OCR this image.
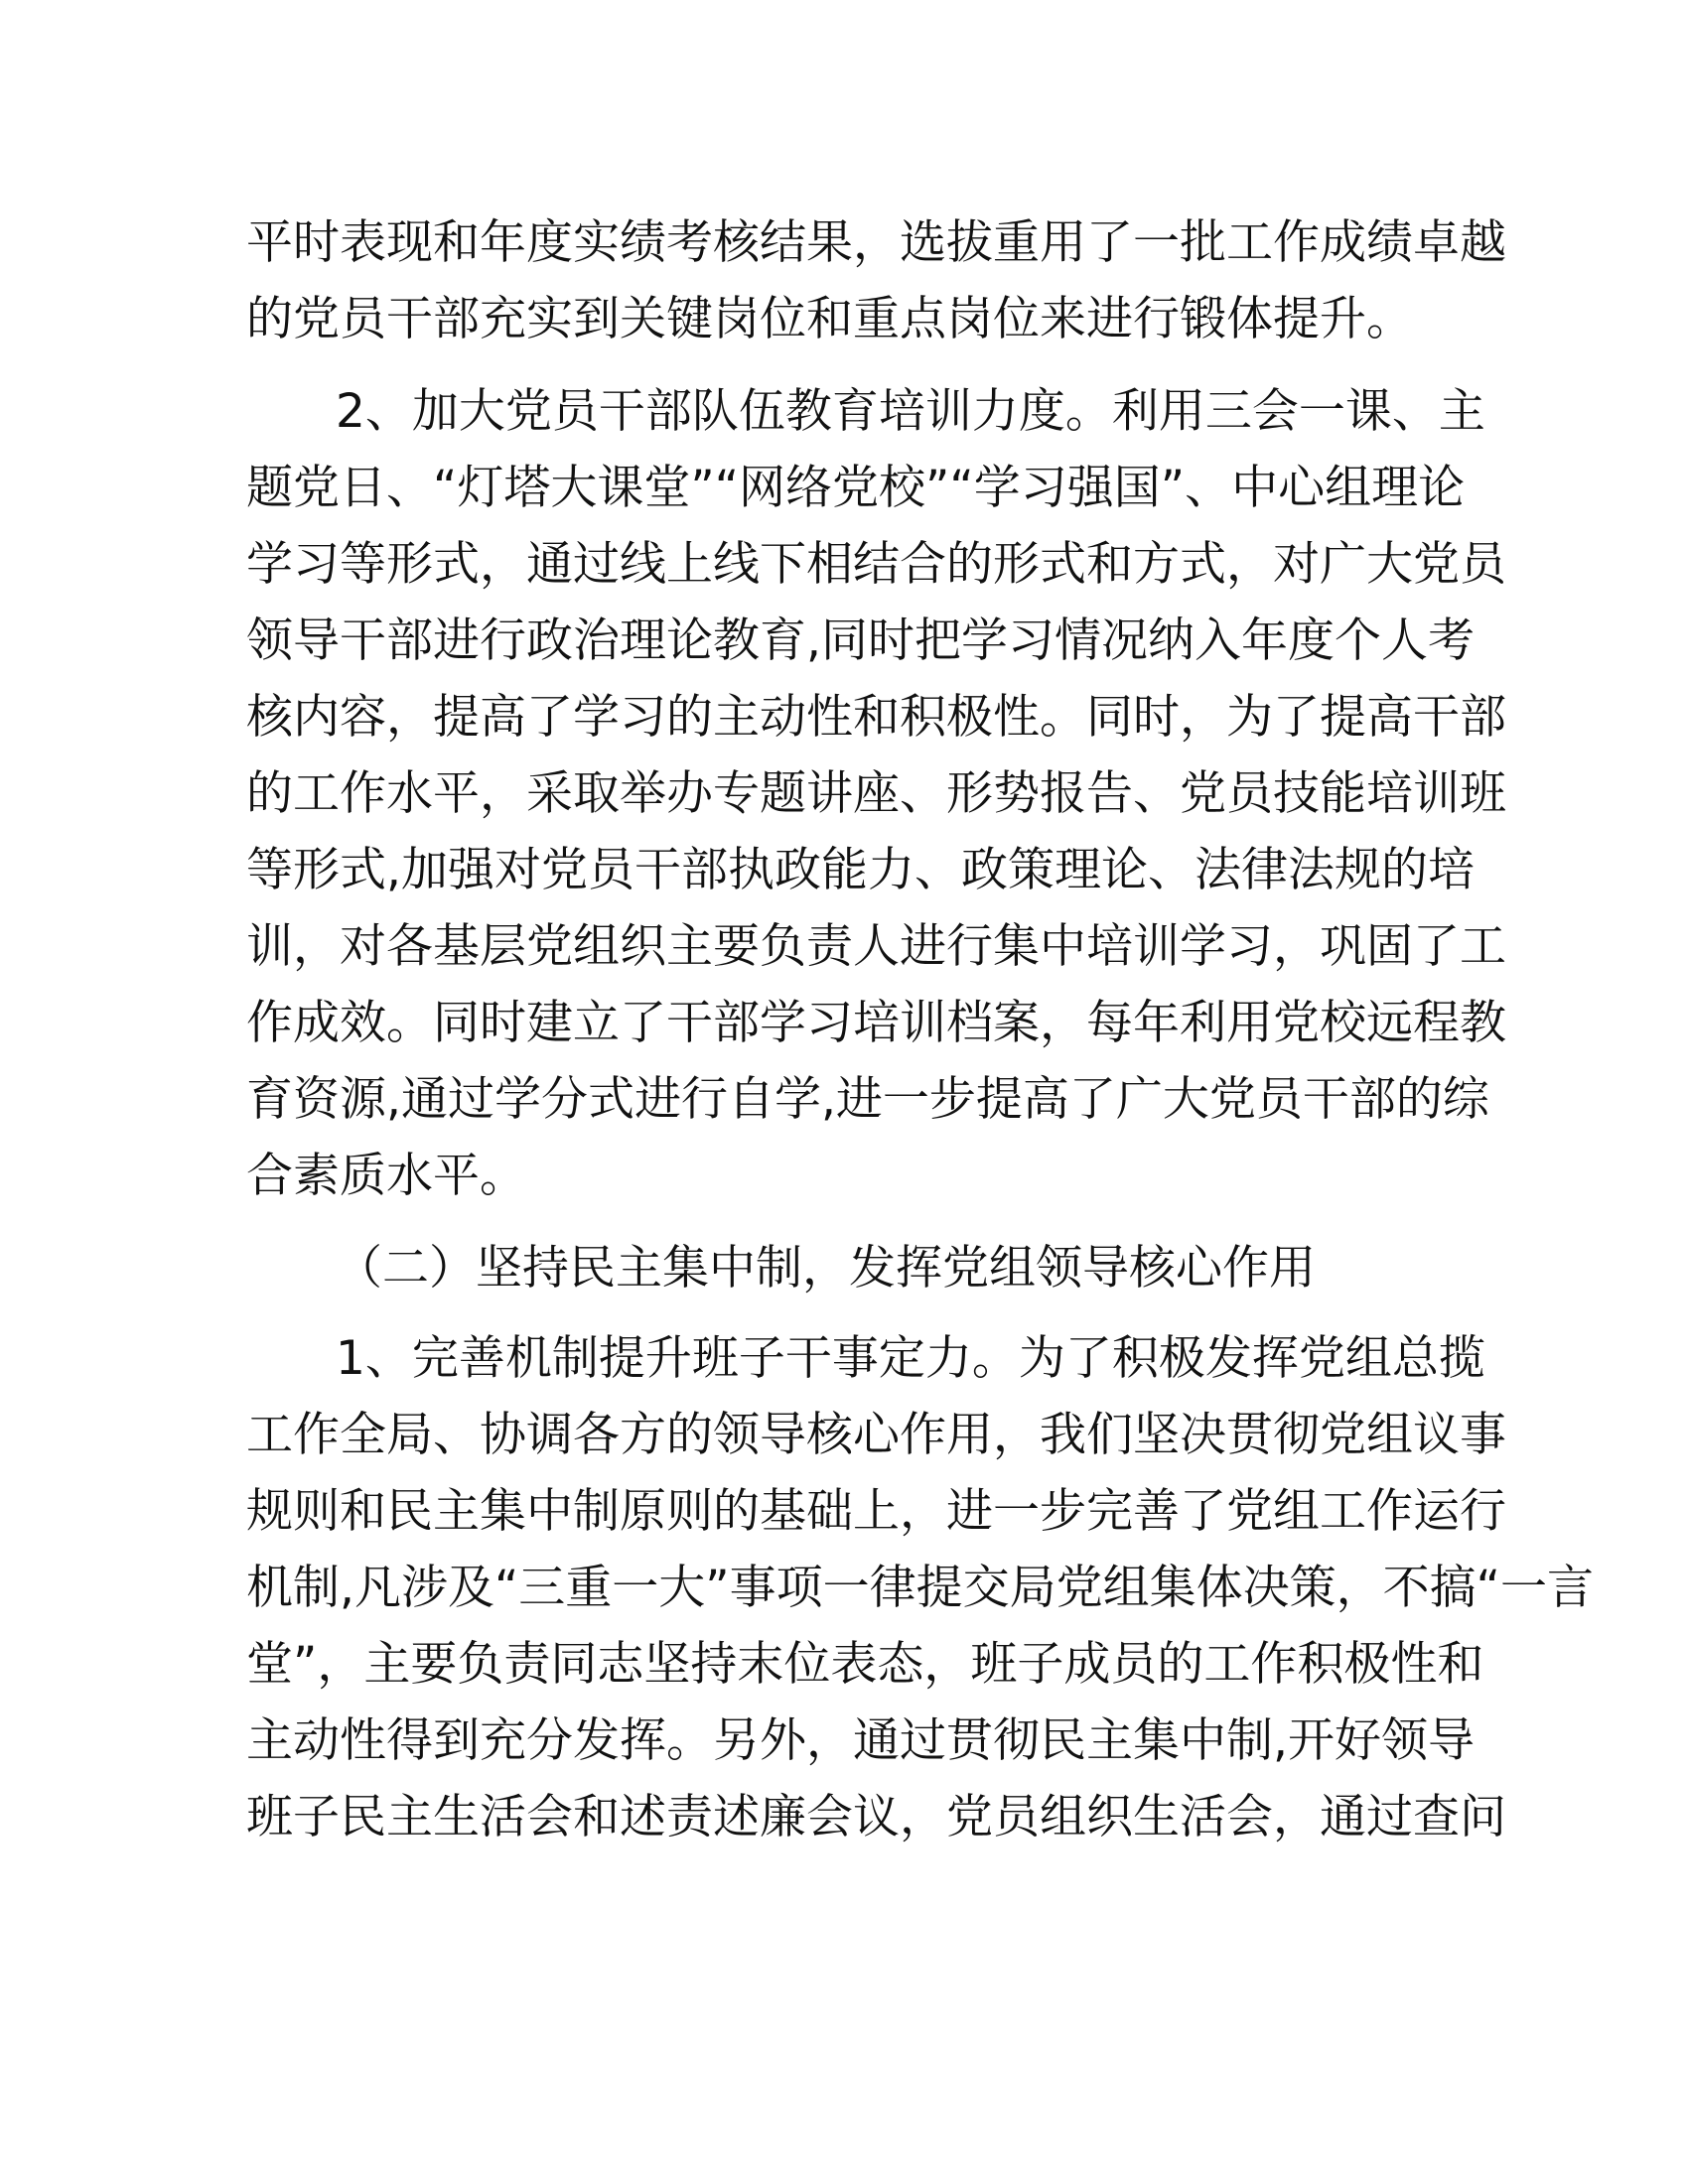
平时表现和年度实绩考核结果，选拔重用了一批工作成绩卓越

的党员干部充实到关键岗位和重点岗位来进行锻体提升。

2、加大党员干部队伍教育培训力度。利用三会一课、主

题党日、“灯塔大课堂”“网络党校”“学习强国”、中心组理论

学习等形式，通过线上线下相结合的形式和方式，对广大党员

领导干部进行政治理论教育,同时把学习情况纳入年度个人考

核内容，提高了学习的主动性和积极性。同时，为了提高干部

的工作水平，采取举办专题讲座、形势报告、党员技能培训班

等形式,加强对党员干部执政能力、政策理论、法律法规的培

训，对各基层党组织主要负责人进行集中培训学习，巩固了工

作成效。同时建立了干部学习培训档案，每年利用党校远程教

育资源,通过学分式进行自学,进一步提高了广大党员干部的综

合素质水平。

（二）坚持民主集中制，发挥党组领导核心作用

1、完善机制提升班子干事定力。为了积极发挥党组总揽

工作全局、协调各方的领导核心作用，我们坚决贯彻党组议事

规则和民主集中制原则的基础上，进一步完善了党组工作运行

机制,凡涉及“三重一大”事项一律提交局党组集体决策，不搞“一言

堂”，主要负责同志坚持末位表态，班子成员的工作积极性和

主动性得到充分发挥。另外，通过贯彻民主集中制,开好领导

班子民主生活会和述责述廉会议，党员组织生活会，通过查问
